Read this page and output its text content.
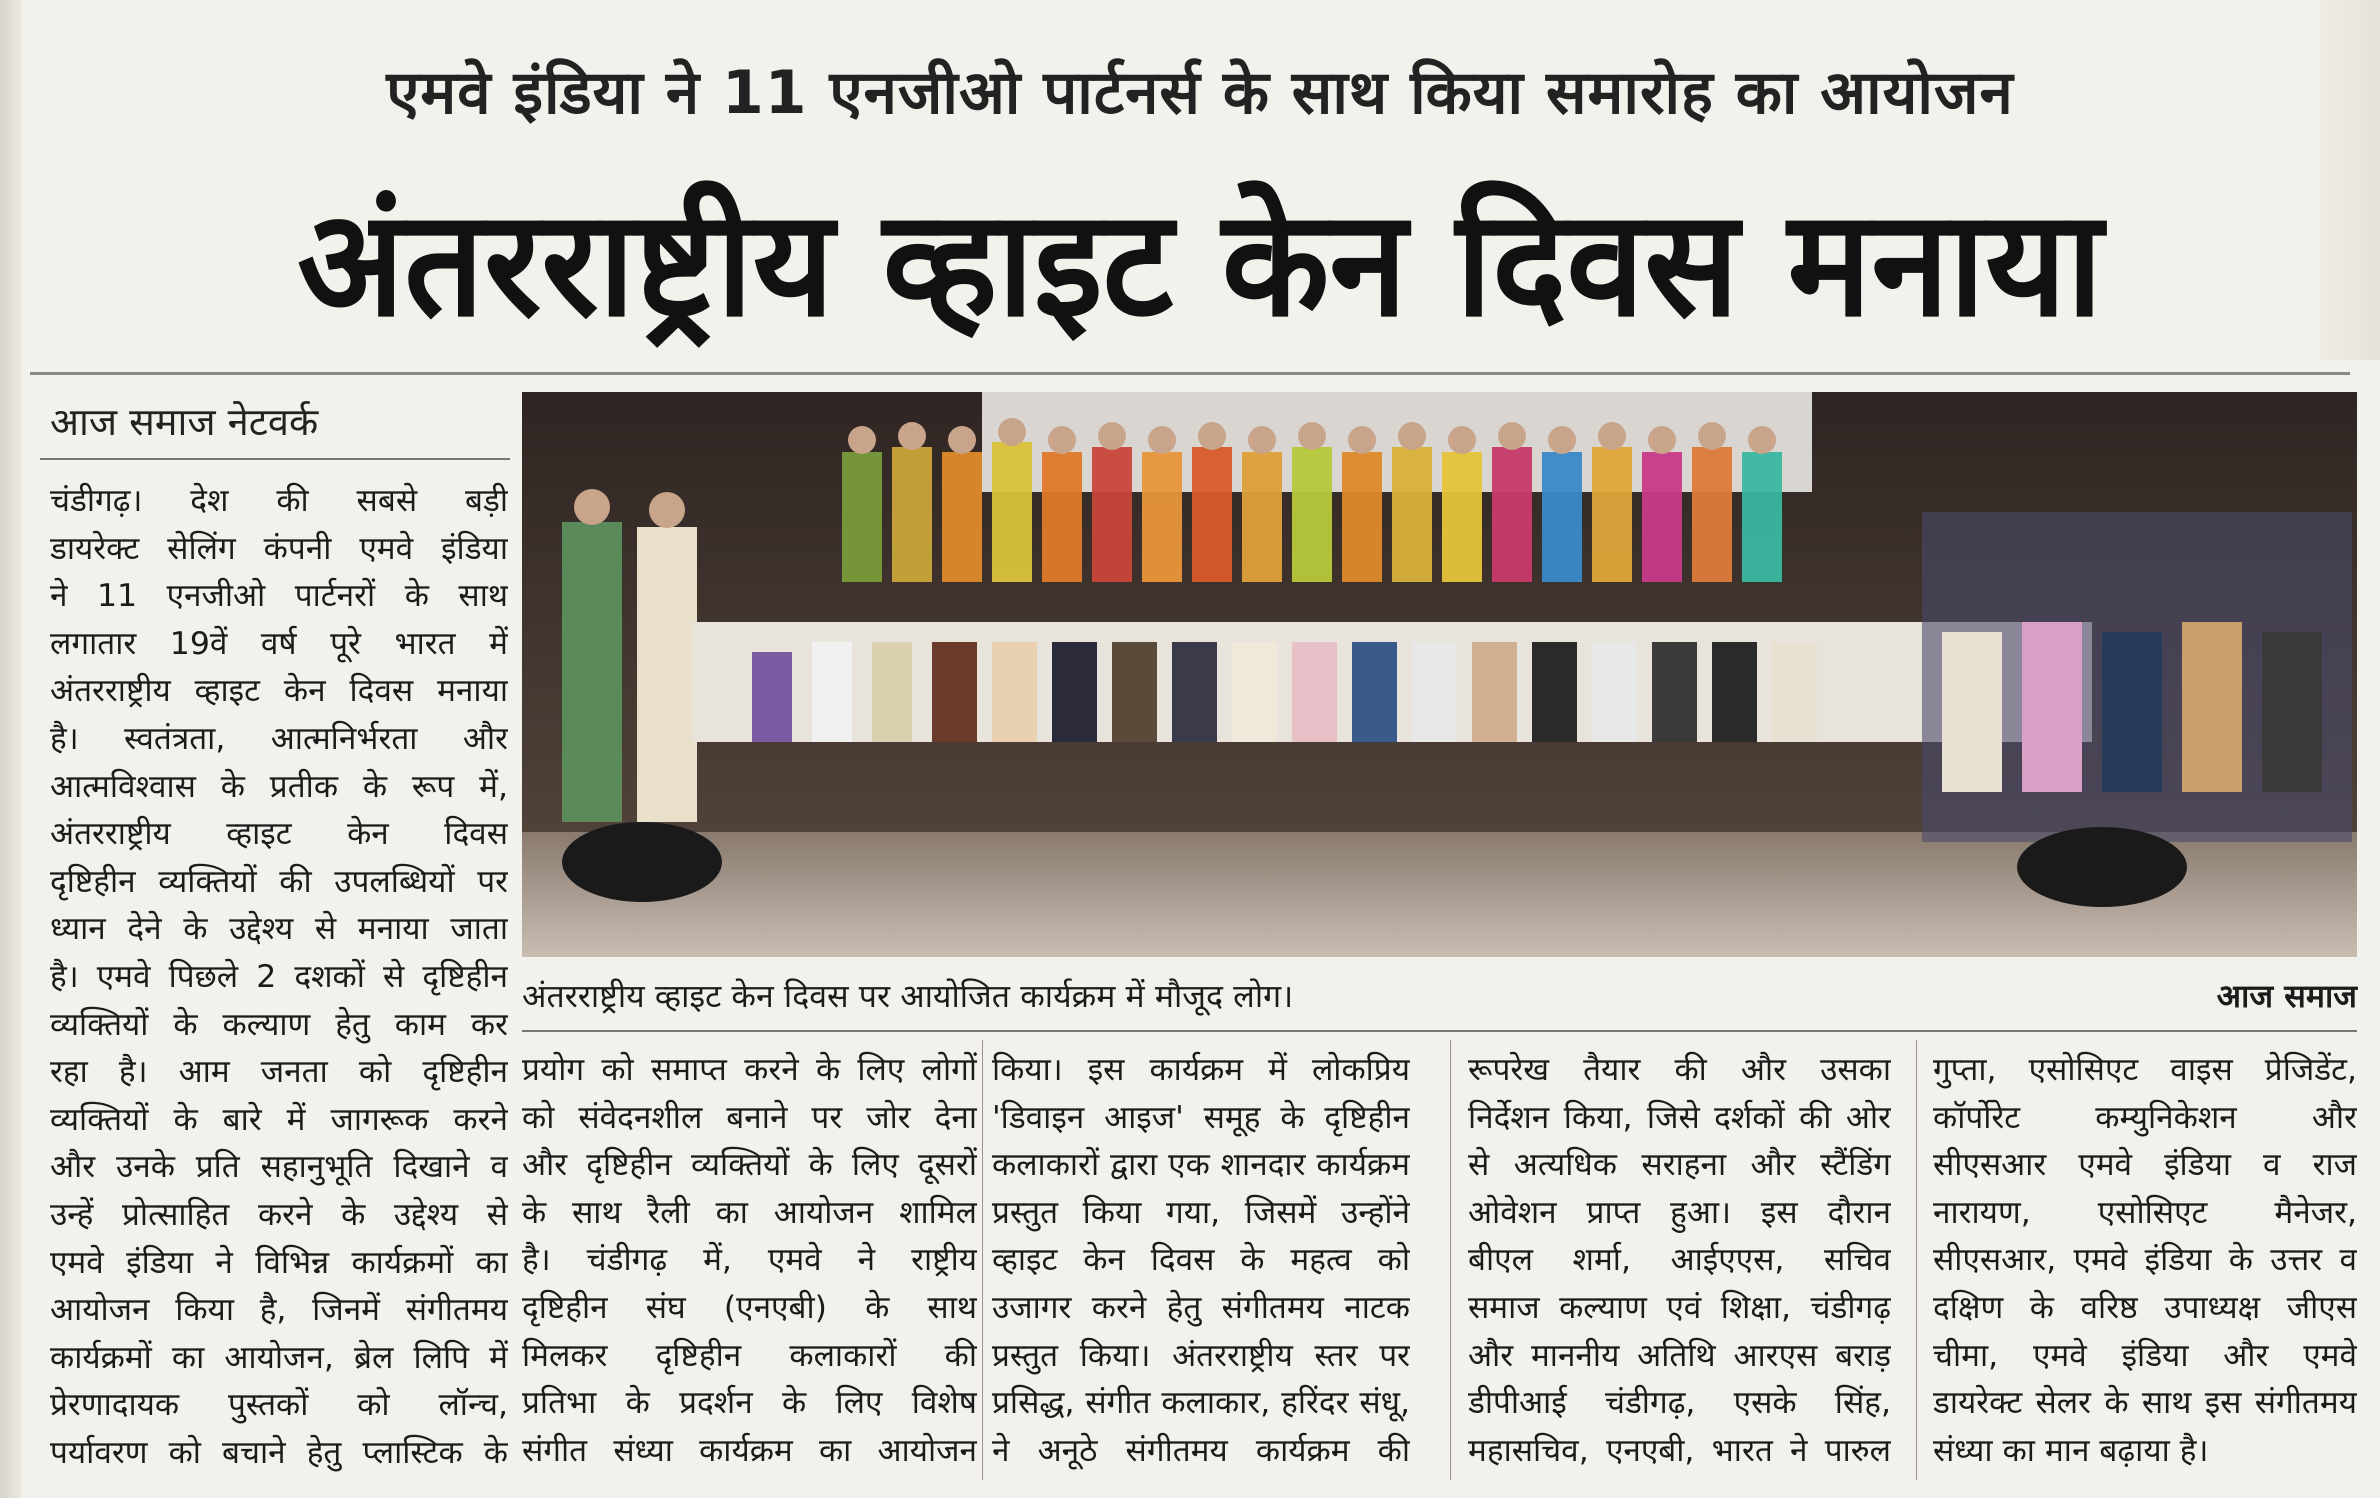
एमवे इंडिया ने 11 एनजीओ पार्टनर्स के साथ किया समारोह का आयोजन
अंतरराष्ट्रीय व्हाइट केन दिवस मनाया
आज समाज नेटवर्क
अंतरराष्ट्रीय व्हाइट केन दिवस पर आयोजित कार्यक्रम में मौजूद लोग।	आज समाज
चंडीगढ़। देश की सबसे बड़ी
डायरेक्ट सेलिंग कंपनी एमवे इंडिया
ने 11 एनजीओ पार्टनरों के साथ
लगातार 19वें वर्ष पूरे भारत में
अंतरराष्ट्रीय व्हाइट केन दिवस मनाया
है। स्वतंत्रता, आत्मनिर्भरता और
आत्मविश्वास के प्रतीक के रूप में,
अंतरराष्ट्रीय व्हाइट केन दिवस
दृष्टिहीन व्यक्तियों की उपलब्धियों पर
ध्यान देने के उद्देश्य से मनाया जाता
है। एमवे पिछले 2 दशकों से दृष्टिहीन
व्यक्तियों के कल्याण हेतु काम कर
रहा है। आम जनता को दृष्टिहीन
व्यक्तियों के बारे में जागरूक करने
और उनके प्रति सहानुभूति दिखाने व
उन्हें प्रोत्साहित करने के उद्देश्य से
एमवे इंडिया ने विभिन्न कार्यक्रमों का
आयोजन किया है, जिनमें संगीतमय
कार्यक्रमों का आयोजन, ब्रेल लिपि में
प्रेरणादायक पुस्तकों को लॉन्च,
पर्यावरण को बचाने हेतु प्लास्टिक के
प्रयोग को समाप्त करने के लिए लोगों
को संवेदनशील बनाने पर जोर देना
और दृष्टिहीन व्यक्तियों के लिए दूसरों
के साथ रैली का आयोजन शामिल
है। चंडीगढ़ में, एमवे ने राष्ट्रीय
दृष्टिहीन संघ (एनएबी) के साथ
मिलकर दृष्टिहीन कलाकारों की
प्रतिभा के प्रदर्शन के लिए विशेष
संगीत संध्या कार्यक्रम का आयोजन
किया। इस कार्यक्रम में लोकप्रिय
'डिवाइन आइज' समूह के दृष्टिहीन
कलाकारों द्वारा एक शानदार कार्यक्रम
प्रस्तुत किया गया, जिसमें उन्होंने
व्हाइट केन दिवस के महत्व को
उजागर करने हेतु संगीतमय नाटक
प्रस्तुत किया। अंतरराष्ट्रीय स्तर पर
प्रसिद्ध, संगीत कलाकार, हरिंदर संधू,
ने अनूठे संगीतमय कार्यक्रम की
रूपरेख तैयार की और उसका
निर्देशन किया, जिसे दर्शकों की ओर
से अत्यधिक सराहना और स्टैंडिंग
ओवेशन प्राप्त हुआ। इस दौरान
बीएल शर्मा, आईएएस, सचिव
समाज कल्याण एवं शिक्षा, चंडीगढ़
और माननीय अतिथि आरएस बराड़
डीपीआई चंडीगढ़, एसके सिंह,
महासचिव, एनएबी, भारत ने पारुल
गुप्ता, एसोसिएट वाइस प्रेजिडेंट,
कॉर्पोरेट कम्युनिकेशन और
सीएसआर एमवे इंडिया व राज
नारायण, एसोसिएट मैनेजर,
सीएसआर, एमवे इंडिया के उत्तर व
दक्षिण के वरिष्ठ उपाध्यक्ष जीएस
चीमा, एमवे इंडिया और एमवे
डायरेक्ट सेलर के साथ इस संगीतमय
संध्या का मान बढ़ाया है।
